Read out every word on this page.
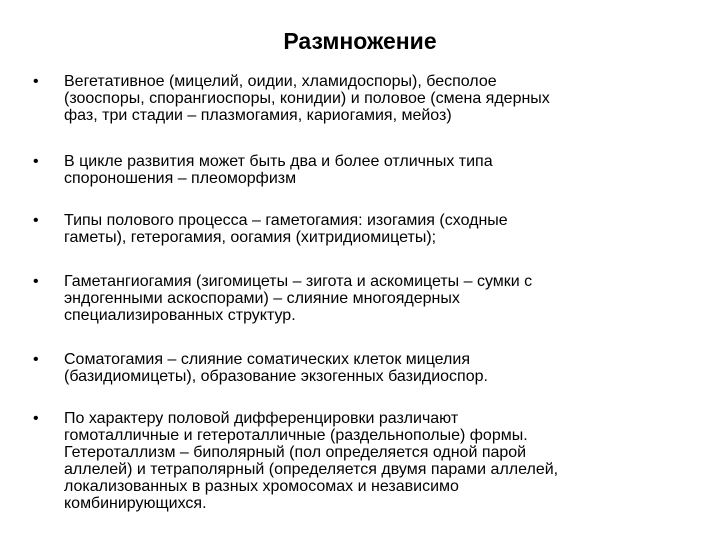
Размножение
• Вегетативное (мицелий, оидии, хламидоспоры), бесполое
(зооспоры, спорангиоспоры, конидии) и половое (смена ядерных
фаз, три стадии – плазмогамия, кариогамия, мейоз)
• В цикле развития может быть два и более отличных типа
спороношения – плеоморфизм
• Типы полового процесса – гаметогамия: изогамия (сходные
гаметы), гетерогамия, оогамия (хитридиомицеты);
• Гаметангиогамия (зигомицеты – зигота и аскомицеты – сумки с
эндогенными аскоспорами) – слияние многоядерных
специализированных структур.
• Соматогамия – слияние соматических клеток мицелия
(базидиомицеты), образование экзогенных базидиоспор.
• По характеру половой дифференцировки различают
гомоталличные и гетероталличные (раздельнополые) формы.
Гетероталлизм – биполярный (пол определяется одной парой
аллелей) и тетраполярный (определяется двумя парами аллелей,
локализованных в разных хромосомах и независимо
комбинирующихся.
